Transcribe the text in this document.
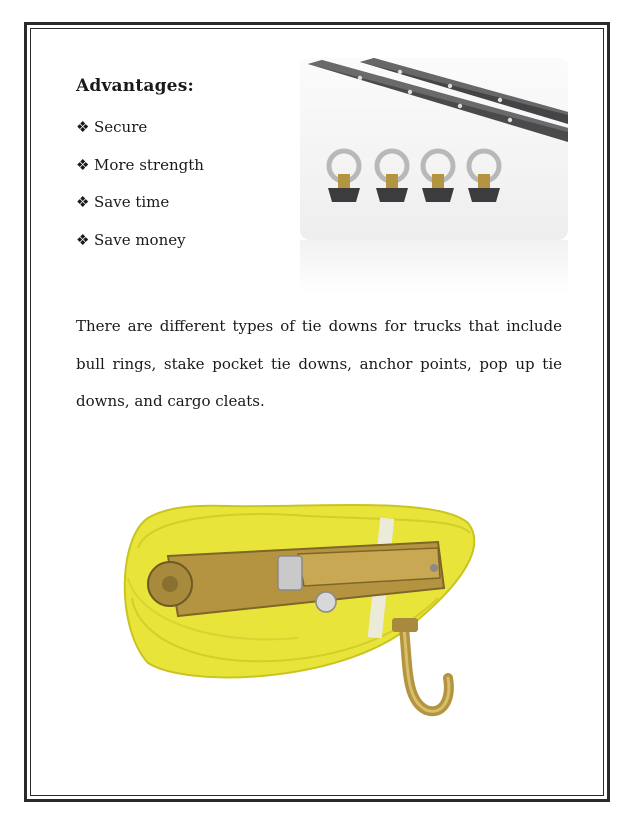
Advantages:
❖ Secure
❖ More strength
❖ Save time
❖ Save money

There are different types of tie downs for trucks that include bull rings, stake pocket tie downs, anchor points, pop up tie downs, and cargo cleats.
